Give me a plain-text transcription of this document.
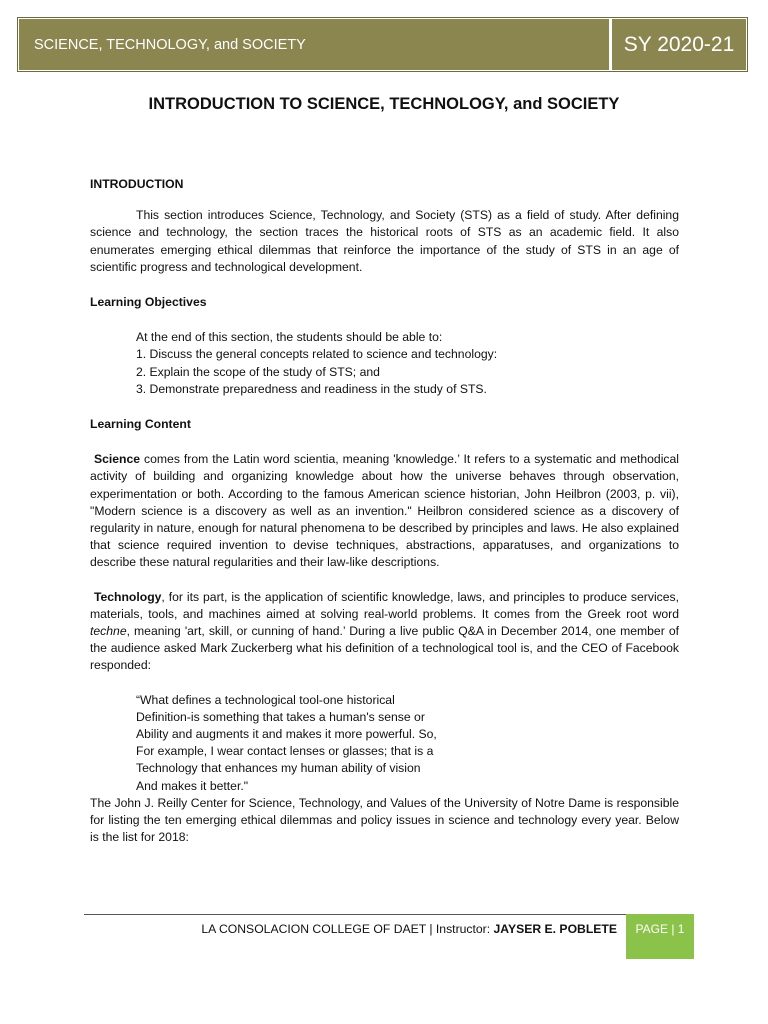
SCIENCE, TECHNOLOGY, and SOCIETY	SY 2020-21
INTRODUCTION TO SCIENCE, TECHNOLOGY, and SOCIETY

INTRODUCTION

This section introduces Science, Technology, and Society (STS) as a field of study. After defining science and technology, the section traces the historical roots of STS as an academic field. It also enumerates emerging ethical dilemmas that reinforce the importance of the study of STS in an age of scientific progress and technological development.

Learning Objectives

At the end of this section, the students should be able to:

1. Discuss the general concepts related to science and technology:

2. Explain the scope of the study of STS; and

3. Demonstrate preparedness and readiness in the study of STS.

Learning Content

Science comes from the Latin word scientia, meaning 'knowledge.’ It refers to a systematic and methodical activity of building and organizing knowledge about how the universe behaves through observation, experimentation or both. According to the famous American science historian, John Heilbron (2003, p. vii), "Modern science is a discovery as well as an invention." Heilbron considered science as a discovery of regularity in nature, enough for natural phenomena to be described by principles and laws. He also explained that science required invention to devise techniques, abstractions, apparatuses, and organizations to describe these natural regularities and their law-like descriptions.

Technology, for its part, is the application of scientific knowledge, laws, and principles to produce services, materials, tools, and machines aimed at solving real-world problems. It comes from the Greek root word techne, meaning 'art, skill, or cunning of hand.’ During a live public Q&A in December 2014, one member of the audience asked Mark Zuckerberg what his definition of a technological tool is, and the CEO of Facebook responded:

“What defines a technological tool-one historical

Definition-is something that takes a human's sense or

Ability and augments it and makes it more powerful. So,

For example, I wear contact lenses or glasses; that is a

Technology that enhances my human ability of vision

And makes it better."

The John J. Reilly Center for Science, Technology, and Values of the University of Notre Dame is responsible for listing the ten emerging ethical dilemmas and policy issues in science and technology every year. Below is the list for 2018:

LA CONSOLACION COLLEGE OF DAET | Instructor: JAYSER E. POBLETE	PAGE | 1
